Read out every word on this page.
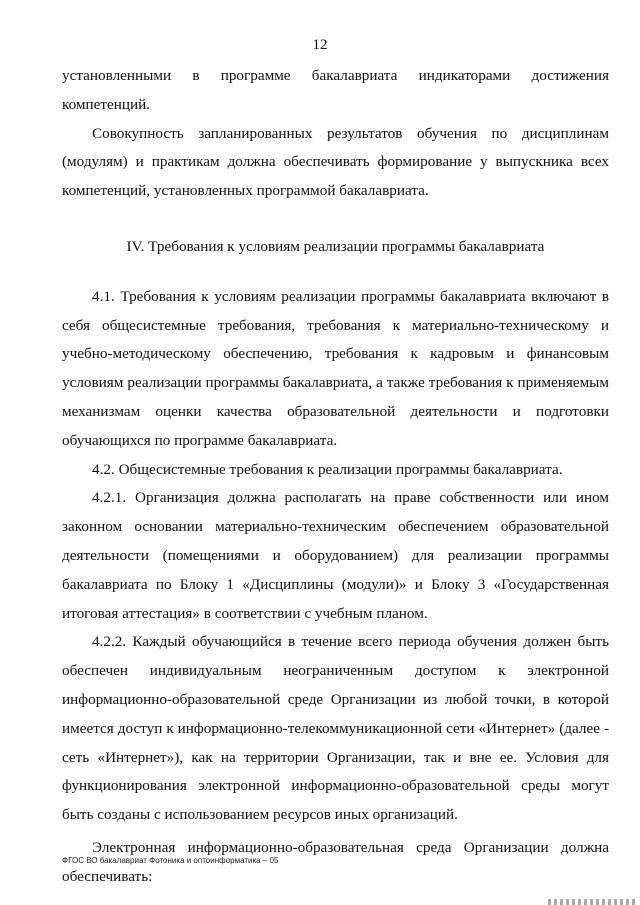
12

установленными в программе бакалавриата индикаторами достижения компетенций.

Совокупность запланированных результатов обучения по дисциплинам (модулям) и практикам должна обеспечивать формирование у выпускника всех компетенций, установленных программой бакалавриата.

IV. Требования к условиям реализации программы бакалавриата

4.1. Требования к условиям реализации программы бакалавриата включают в себя общесистемные требования, требования к материально-техническому и учебно-методическому обеспечению, требования к кадровым и финансовым условиям реализации программы бакалавриата, а также требования к применяемым механизмам оценки качества образовательной деятельности и подготовки обучающихся по программе бакалавриата.

4.2. Общесистемные требования к реализации программы бакалавриата.

4.2.1. Организация должна располагать на праве собственности или ином законном основании материально-техническим обеспечением образовательной деятельности (помещениями и оборудованием) для реализации программы бакалавриата по Блоку 1 «Дисциплины (модули)» и Блоку 3 «Государственная итоговая аттестация» в соответствии с учебным планом.

4.2.2. Каждый обучающийся в течение всего периода обучения должен быть обеспечен индивидуальным неограниченным доступом к электронной информационно-образовательной среде Организации из любой точки, в которой имеется доступ к информационно-телекоммуникационной сети «Интернет» (далее - сеть «Интернет»), как на территории Организации, так и вне ее. Условия для функционирования электронной информационно-образовательной среды могут быть созданы с использованием ресурсов иных организаций.

Электронная информационно-образовательная среда Организации должна обеспечивать:

ФГОС ВО бакалавриат Фотоника и оптоинформатика – 05
